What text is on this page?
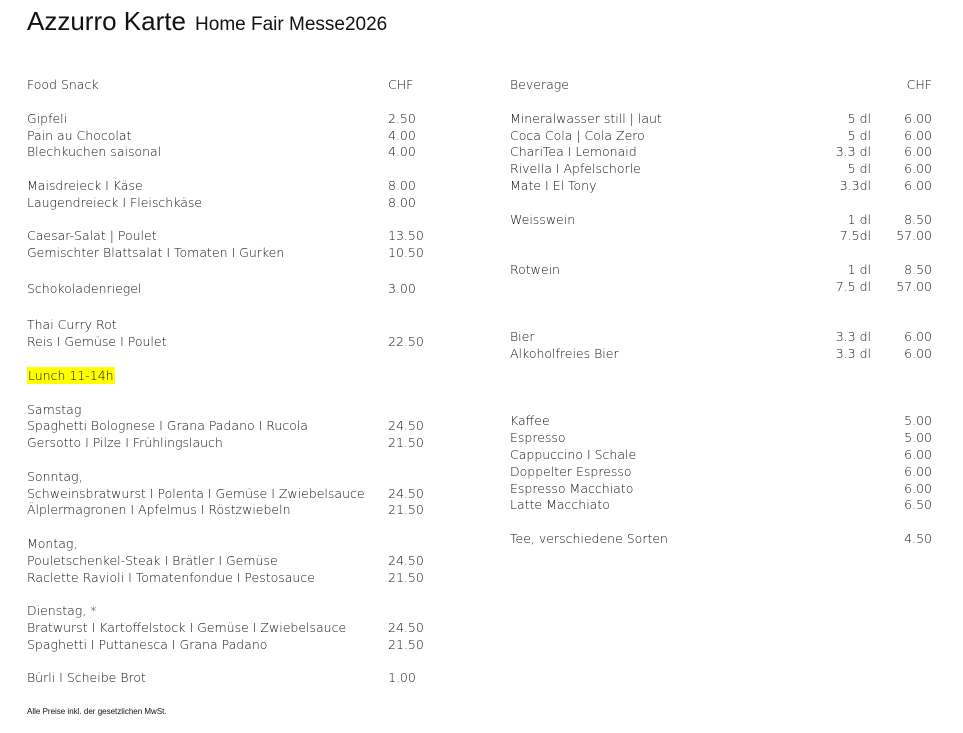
Azzurro Karte Home Fair Messe2026
Food Snack	CHF
Gipfeli	2.50
Pain au Chocolat	4.00
Blechkuchen saisonal	4.00
Maisdreieck I Käse	8.00
Laugendreieck I Fleischkäse	8.00
Caesar-Salat | Poulet	13.50
Gemischter Blattsalat I Tomaten I Gurken	10.50
Schokoladenriegel	3.00
Thai Curry Rot
Reis I Gemüse I Poulet	22.50
Lunch 11-14h
Samstag
Spaghetti Bolognese I Grana Padano I Rucola	24.50
Gersotto I Pilze I Frühlingslauch	21.50
Sonntag,
Schweinsbratwurst I Polenta I Gemüse I Zwiebelsauce 24.50
Älplermagronen I Apfelmus I Röstzwiebeln	21.50
Montag,
Pouletschenkel-Steak I Brätler I Gemüse	24.50
Raclette Ravioli I Tomatenfondue I Pestosauce	21.50
Dienstag, *
Bratwurst I Kartoffelstock I Gemüse I Zwiebelsauce	24.50
Spaghetti I Puttanesca I Grana Padano	21.50
Bürli I Scheibe Brot	1.00
Beverage	CHF
Mineralwasser still | laut	5 dl	6.00
Coca Cola | Cola Zero	5 dl	6.00
ChariTea I Lemonaid	3.3 dl	6.00
Rivella I Apfelschorle	5 dl	6.00
Mate I El Tony	3.3dl	6.00
Weisswein	1 dl	8.50
7.5dl 57.00
Rotwein	1 dl	8.50
7.5 dl 57.00
Bier	3.3 dl	6.00
Alkoholfreies Bier	3.3 dl	6.00
Kaffee	5.00
Espresso	5.00
Cappuccino I Schale	6.00
Doppelter Espresso	6.00
Espresso Macchiato	6.00
Latte Macchiato	6.50
Tee, verschiedene Sorten	4.50
Alle Preise inkl. der gesetzlichen MwSt.
